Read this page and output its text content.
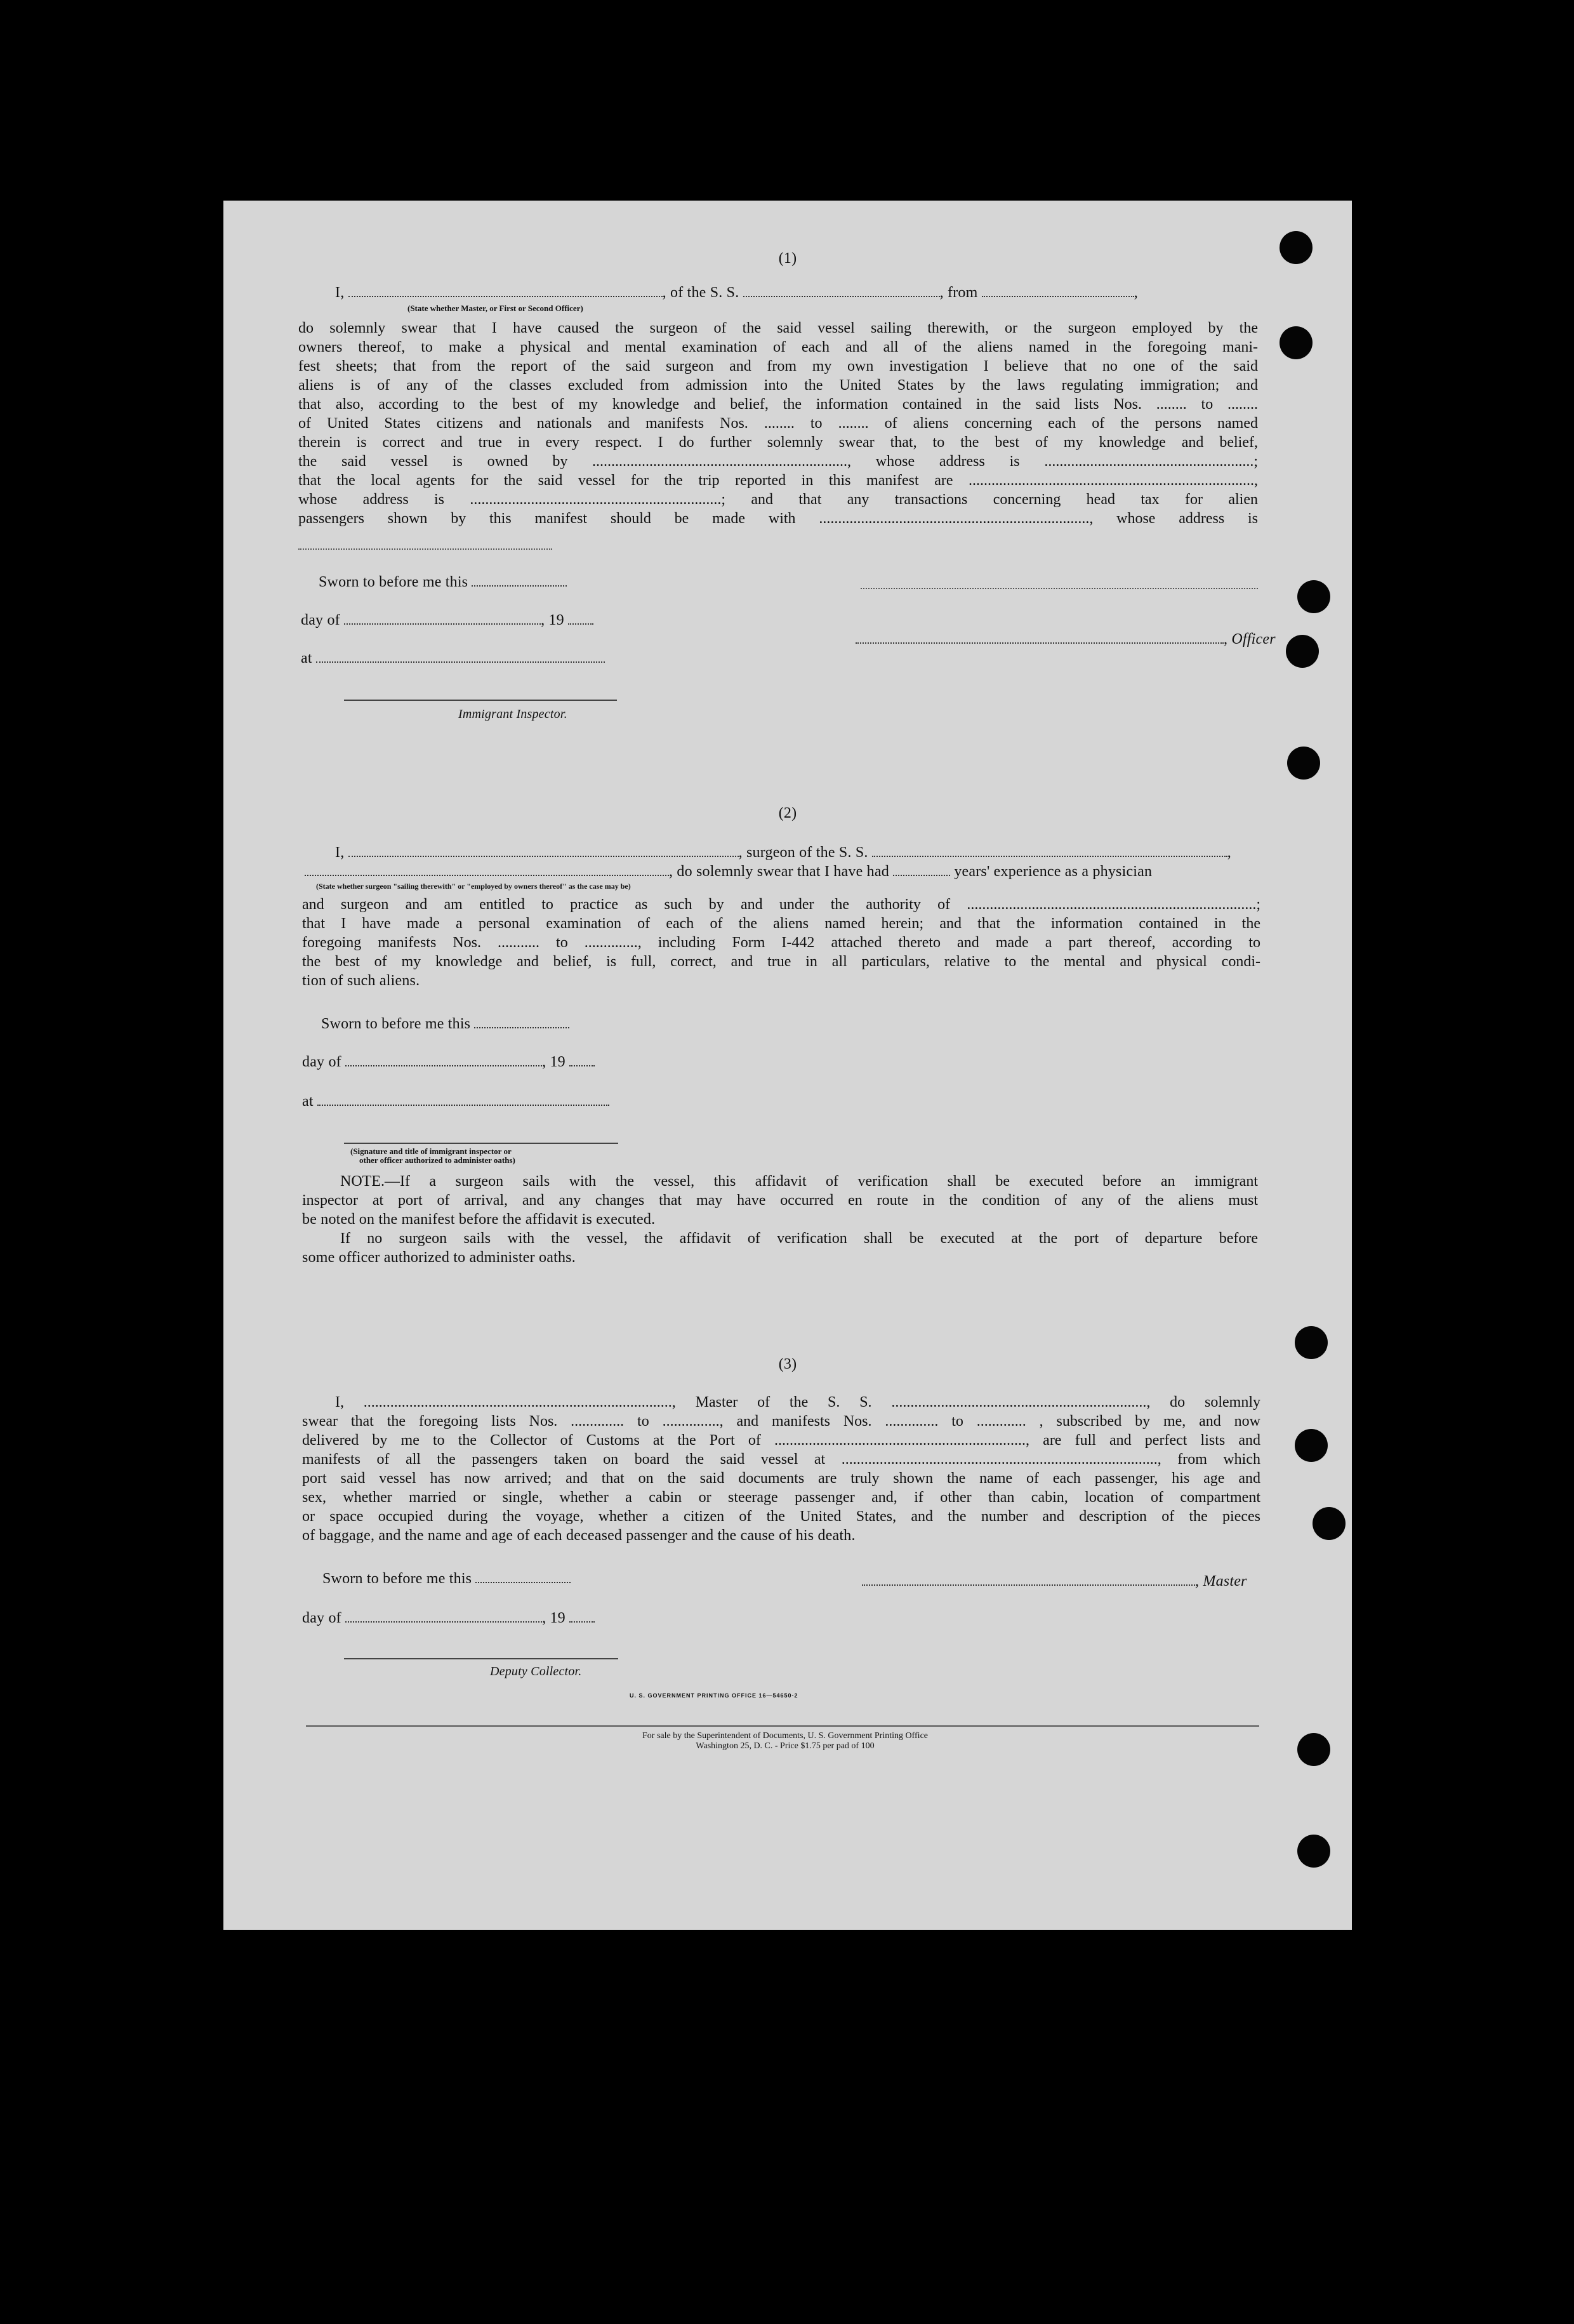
(1)
I,	, of the S. S.	, from	,
(State whether Master, or First or Second Officer)
do solemnly swear that I have caused the surgeon of the said vessel sailing therewith, or the surgeon employed by the
owners thereof, to make a physical and mental examination of each and all of the aliens named in the foregoing mani-
fest sheets; that from the report of the said surgeon and from my own investigation I believe that no one of the said
aliens is of any of the classes excluded from admission into the United States by the laws regulating immigration; and
that also, according to the best of my knowledge and belief, the information contained in the said lists Nos. ........ to ........
of United States citizens and nationals and manifests Nos. ........ to ........ of aliens concerning each of the persons named
therein is correct and true in every respect. I do further solemnly swear that, to the best of my knowledge and belief,
the said vessel is owned by ..................................................................., whose address is .......................................................;
that the local agents for the said vessel for the trip reported in this manifest are ...........................................................................,
whose address is ..................................................................; and that any transactions concerning head tax for alien
passengers shown by this manifest should be made with ......................................................................., whose address is
Sworn to before me this
day of	, 19
at
, Officer
Immigrant Inspector.
(2)
I,	, surgeon of the S. S.	,
, do solemnly swear that I have had	years' experience as a physician
(State whether surgeon "sailing therewith" or "employed by owners thereof" as the case may be)
and surgeon and am entitled to practice as such by and under the authority of ............................................................................;
that I have made a personal examination of each of the aliens named herein; and that the information contained in the
foregoing manifests Nos. ........... to .............., including Form I-442 attached thereto and made a part thereof, according to
the best of my knowledge and belief, is full, correct, and true in all particulars, relative to the mental and physical condi-
tion of such aliens.
Sworn to before me this
day of	, 19
at
(Signature and title of immigrant inspector or
other officer authorized to administer oaths)
NOTE.—If a surgeon sails with the vessel, this affidavit of verification shall be executed before an immigrant
inspector at port of arrival, and any changes that may have occurred en route in the condition of any of the aliens must
be noted on the manifest before the affidavit is executed.
If no surgeon sails with the vessel, the affidavit of verification shall be executed at the port of departure before
some officer authorized to administer oaths.
(3)
I, ................................................................................., Master of the S. S. ..................................................................., do solemnly
swear that the foregoing lists Nos. .............. to ..............., and manifests Nos. .............. to ............. , subscribed by me, and now
delivered by me to the Collector of Customs at the Port of .................................................................., are full and perfect lists and
manifests of all the passengers taken on board the said vessel at ..................................................................................., from which
port said vessel has now arrived; and that on the said documents are truly shown the name of each passenger, his age and
sex, whether married or single, whether a cabin or steerage passenger and, if other than cabin, location of compartment
or space occupied during the voyage, whether a citizen of the United States, and the number and description of the pieces
of baggage, and the name and age of each deceased passenger and the cause of his death.
Sworn to before me this	, Master
day of	, 19
Deputy Collector.
U. S. GOVERNMENT PRINTING OFFICE 16—54650-2
For sale by the Superintendent of Documents, U. S. Government Printing Office
Washington 25, D. C. - Price $1.75 per pad of 100
